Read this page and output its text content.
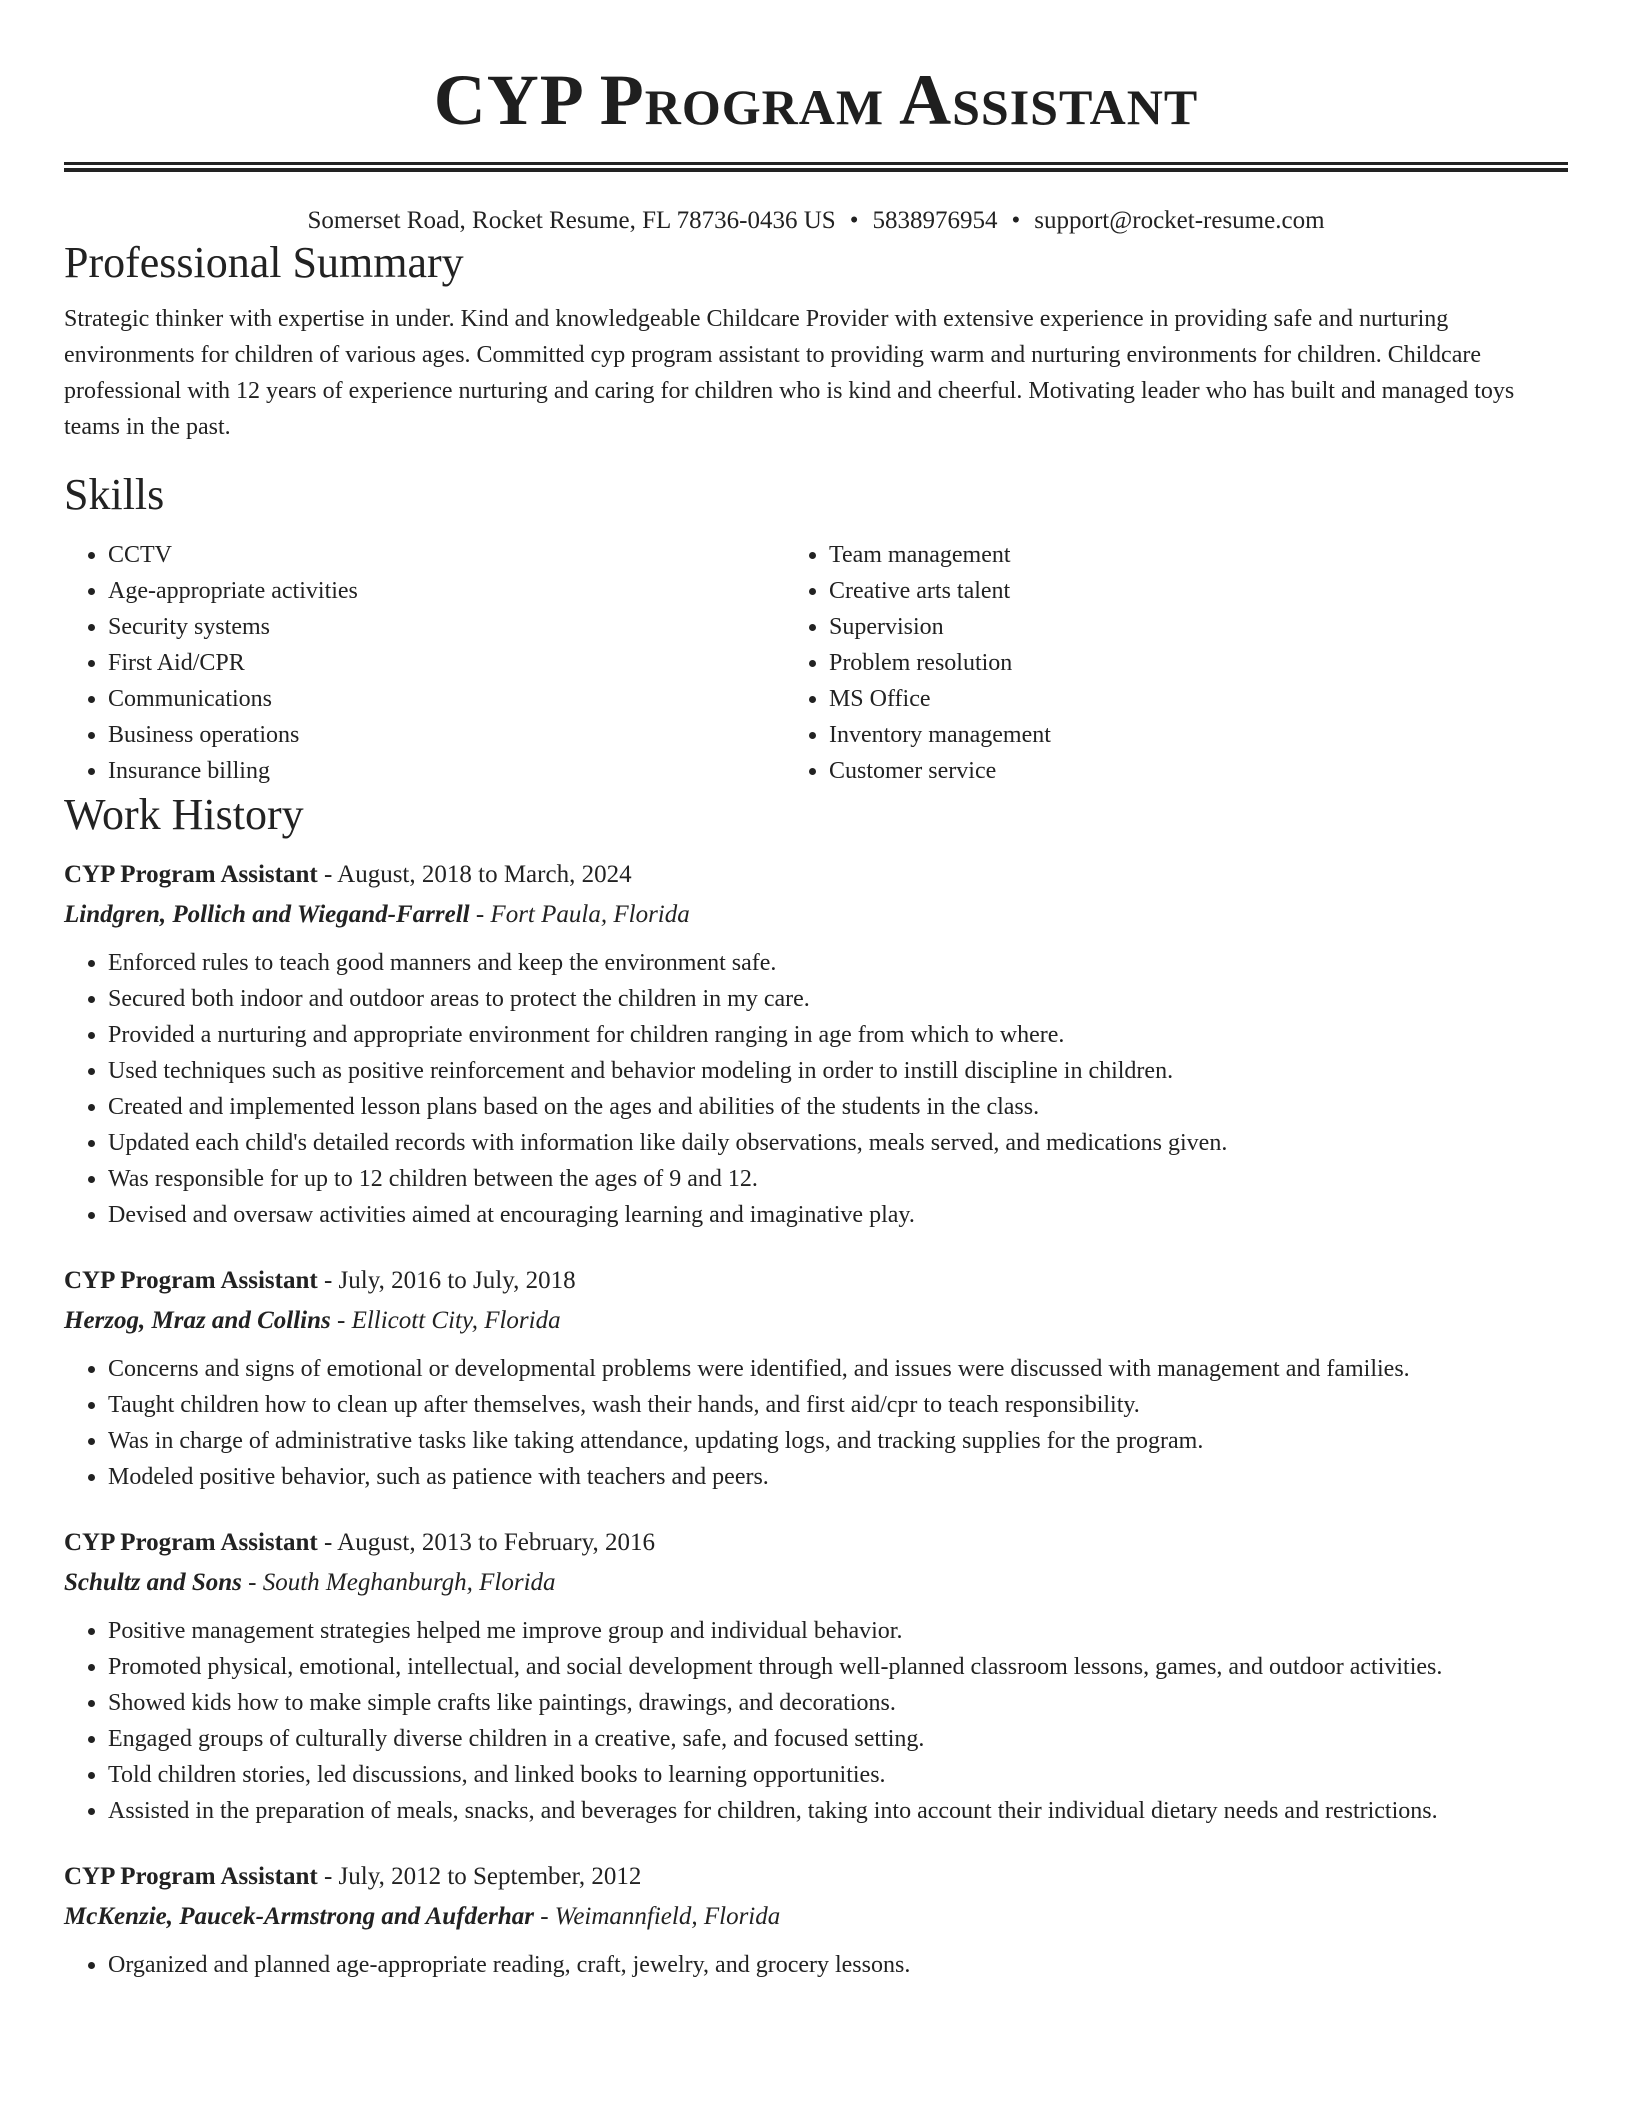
CYP Program Assistant
Somerset Road, Rocket Resume, FL 78736-0436 US • 5838976954 • support@rocket-resume.com
Professional Summary

Strategic thinker with expertise in under. Kind and knowledgeable Childcare Provider with extensive experience in providing safe and nurturing environments for children of various ages. Committed cyp program assistant to providing warm and nurturing environments for children. Childcare professional with 12 years of experience nurturing and caring for children who is kind and cheerful. Motivating leader who has built and managed toys teams in the past.

Skills
• CCTV
• Age-appropriate activities
• Security systems
• First Aid/CPR
• Communications
• Business operations
• Insurance billing
• Team management
• Creative arts talent
• Supervision
• Problem resolution
• MS Office
• Inventory management
• Customer service
Work History
CYP Program Assistant - August, 2018 to March, 2024
Lindgren, Pollich and Wiegand-Farrell - Fort Paula, Florida
• Enforced rules to teach good manners and keep the environment safe.
• Secured both indoor and outdoor areas to protect the children in my care.
• Provided a nurturing and appropriate environment for children ranging in age from which to where.
• Used techniques such as positive reinforcement and behavior modeling in order to instill discipline in children.
• Created and implemented lesson plans based on the ages and abilities of the students in the class.
• Updated each child's detailed records with information like daily observations, meals served, and medications given.
• Was responsible for up to 12 children between the ages of 9 and 12.
• Devised and oversaw activities aimed at encouraging learning and imaginative play.
CYP Program Assistant - July, 2016 to July, 2018
Herzog, Mraz and Collins - Ellicott City, Florida
• Concerns and signs of emotional or developmental problems were identified, and issues were discussed with management and families.
• Taught children how to clean up after themselves, wash their hands, and first aid/cpr to teach responsibility.
• Was in charge of administrative tasks like taking attendance, updating logs, and tracking supplies for the program.
• Modeled positive behavior, such as patience with teachers and peers.
CYP Program Assistant - August, 2013 to February, 2016
Schultz and Sons - South Meghanburgh, Florida
• Positive management strategies helped me improve group and individual behavior.
• Promoted physical, emotional, intellectual, and social development through well-planned classroom lessons, games, and outdoor activities.
• Showed kids how to make simple crafts like paintings, drawings, and decorations.
• Engaged groups of culturally diverse children in a creative, safe, and focused setting.
• Told children stories, led discussions, and linked books to learning opportunities.
• Assisted in the preparation of meals, snacks, and beverages for children, taking into account their individual dietary needs and restrictions.
CYP Program Assistant - July, 2012 to September, 2012
McKenzie, Paucek-Armstrong and Aufderhar - Weimannfield, Florida
• Organized and planned age-appropriate reading, craft, jewelry, and grocery lessons.
